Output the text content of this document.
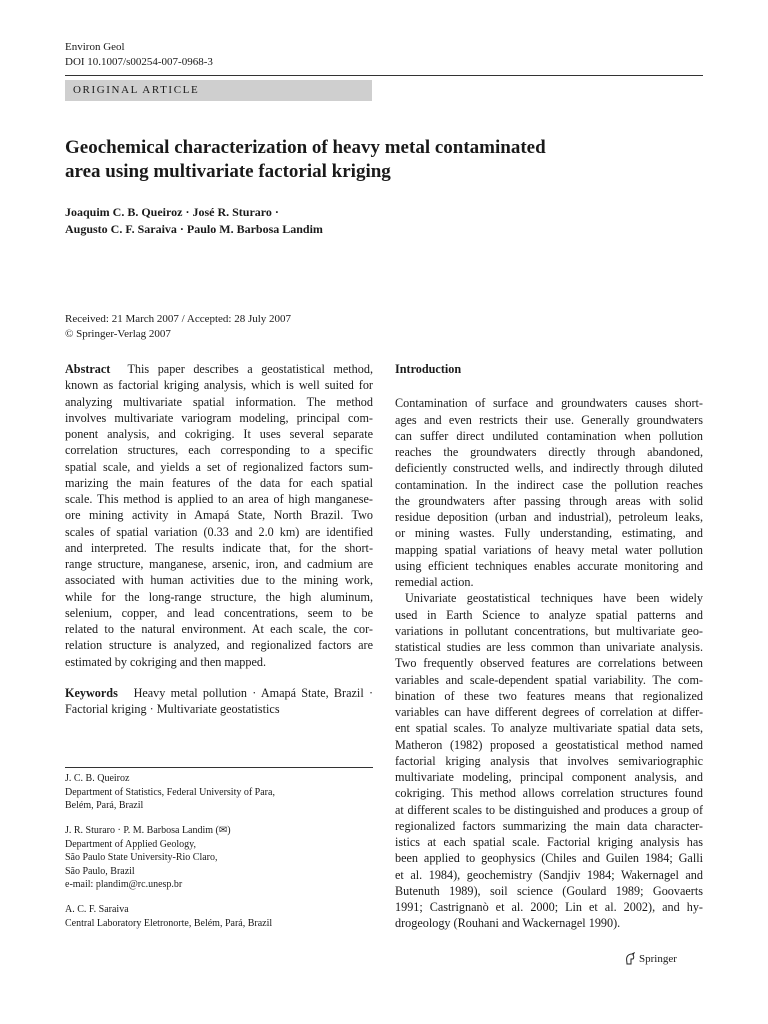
Environ Geol
DOI 10.1007/s00254-007-0968-3
ORIGINAL ARTICLE
Geochemical characterization of heavy metal contaminated
area using multivariate factorial kriging
Joaquim C. B. Queiroz · José R. Sturaro ·
Augusto C. F. Saraiva · Paulo M. Barbosa Landim
Received: 21 March 2007 / Accepted: 28 July 2007
© Springer-Verlag 2007
Abstract This paper describes a geostatistical method,
known as factorial kriging analysis, which is well suited for
analyzing multivariate spatial information. The method
involves multivariate variogram modeling, principal com-
ponent analysis, and cokriging. It uses several separate
correlation structures, each corresponding to a specific
spatial scale, and yields a set of regionalized factors sum-
marizing the main features of the data for each spatial
scale. This method is applied to an area of high manganese-
ore mining activity in Amapá State, North Brazil. Two
scales of spatial variation (0.33 and 2.0 km) are identified
and interpreted. The results indicate that, for the short-
range structure, manganese, arsenic, iron, and cadmium are
associated with human activities due to the mining work,
while for the long-range structure, the high aluminum,
selenium, copper, and lead concentrations, seem to be
related to the natural environment. At each scale, the cor-
relation structure is analyzed, and regionalized factors are
estimated by cokriging and then mapped.
Keywords Heavy metal pollution · Amapá State, Brazil ·
Factorial kriging · Multivariate geostatistics
J. C. B. Queiroz
Department of Statistics, Federal University of Para,
Belém, Pará, Brazil
J. R. Sturaro · P. M. Barbosa Landim (✉)
Department of Applied Geology,
São Paulo State University-Rio Claro,
São Paulo, Brazil
e-mail: plandim@rc.unesp.br
A. C. F. Saraiva
Central Laboratory Eletronorte, Belém, Pará, Brazil
Introduction
Contamination of surface and groundwaters causes short-
ages and even restricts their use. Generally groundwaters
can suffer direct undiluted contamination when pollution
reaches the groundwaters directly through abandoned,
deficiently constructed wells, and indirectly through diluted
contamination. In the indirect case the pollution reaches
the groundwaters after passing through areas with solid
residue deposition (urban and industrial), petroleum leaks,
or mining wastes. Fully understanding, estimating, and
mapping spatial variations of heavy metal water pollution
using efficient techniques enables accurate monitoring and
remedial action.
Univariate geostatistical techniques have been widely
used in Earth Science to analyze spatial patterns and
variations in pollutant concentrations, but multivariate geo-
statistical studies are less common than univariate analysis.
Two frequently observed features are correlations between
variables and scale-dependent spatial variability. The com-
bination of these two features means that regionalized
variables can have different degrees of correlation at differ-
ent spatial scales. To analyze multivariate spatial data sets,
Matheron (1982) proposed a geostatistical method named
factorial kriging analysis that involves semivariographic
multivariate modeling, principal component analysis, and
cokriging. This method allows correlation structures found
at different scales to be distinguished and produces a group of
regionalized factors summarizing the main data character-
istics at each spatial scale. Factorial kriging analysis has
been applied to geophysics (Chiles and Guilen 1984; Galli
et al. 1984), geochemistry (Sandjiv 1984; Wakernagel and
Butenuth 1989), soil science (Goulard 1989; Goovaerts
1991; Castrignanò et al. 2000; Lin et al. 2002), and hy-
drogeology (Rouhani and Wackernagel 1990).
Springer
